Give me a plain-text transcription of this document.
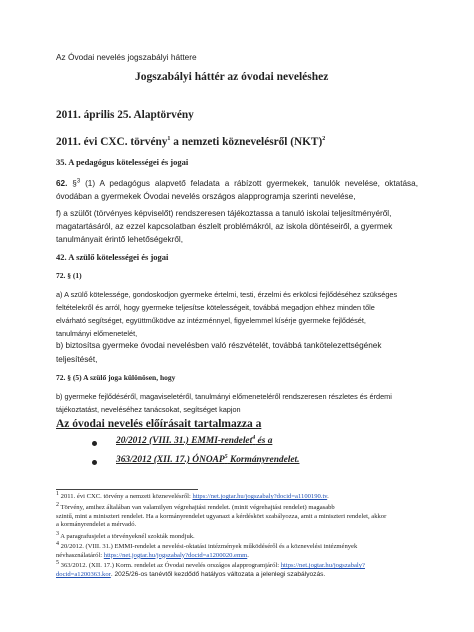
Az Óvodai nevelés jogszabályi háttere
Jogszabályi háttér az óvodai neveléshez
2011. április 25. Alaptörvény
2011. évi CXC. törvény$^1$ a nemzeti köznevelésről (NKT)$^2$
35. A pedagógus kötelességei és jogai
62. §$^3$ (1) A pedagógus alapvető feladata a rábízott gyermekek, tanulók nevelése, oktatása,
óvodában a gyermekek Óvodai nevelés országos alapprogramja szerinti nevelése,
f) a szülőt (törvényes képviselőt) rendszeresen tájékoztassa a tanuló iskolai teljesítményéről,
magatartásáról, az ezzel kapcsolatban észlelt problémákról, az iskola döntéseiről, a gyermek
tanulmányait érintő lehetőségekről,
42. A szülő kötelességei és jogai
72. § (1)
a) A szülő kötelessége, gondoskodjon gyermeke értelmi, testi, érzelmi és erkölcsi fejlődéséhez szükséges
feltételekről és arról, hogy gyermeke teljesítse kötelességeit, továbbá megadjon ehhez minden tőle
elvárható segítséget, együttműködve az intézménnyel, figyelemmel kísérje gyermeke fejlődését,
tanulmányi előmenetelét,
b) biztosítsa gyermeke óvodai nevelésben való részvételét, továbbá tankötelezettségének
teljesítését,
72. § (5) A szülő joga különösen, hogy
b) gyermeke fejlődéséről, magaviseletéről, tanulmányi előmeneteléről rendszeresen részletes és érdemi
tájékoztatást, neveléséhez tanácsokat, segítséget kapjon
Az óvodai nevelés előírásait tartalmazza a
20/2012 (VIII. 31.) EMMI-rendelet$^4$ és a
363/2012 (XII. 17.) ÓNOAP$^5$ Kormányrendelet.
$^1$ 2011. évi CXC. törvény a nemzeti köznevelésről: https://net.jogtar.hu/jogszabaly?docid=a1100190.tv.
$^2$ Törvény, amihez általában van valamilyen végrehajtási rendelet. (minit végrehajtási rendelet) magasabb
szintű, mint a miniszteri rendelet. Ha a kormányrendelet ugyanazt a kérdéskört szabályozza, amit a miniszteri rendelet, akkor
a kormányrendelet a mérvadó.
$^3$ A paragrafusjelet a törvényeknél szokták mondjuk.
$^4$ 20/2012. (VIII. 31.) EMMI-rendelet a nevelési-oktatási intézmények működéséről és a köznevelési intézmények
névhasználatáról: https://net.jogtar.hu/jogszabaly?docid=a1200020.emm.
$^5$ 363/2012. (XII. 17.) Korm. rendelet az Óvodai nevelés országos alapprogramjáról: https://net.jogtar.hu/jogszabaly?
docid=a1200363.kor. 2025/26-os tanévtől kezdődő hatályos változata a jelenlegi szabályozás.
